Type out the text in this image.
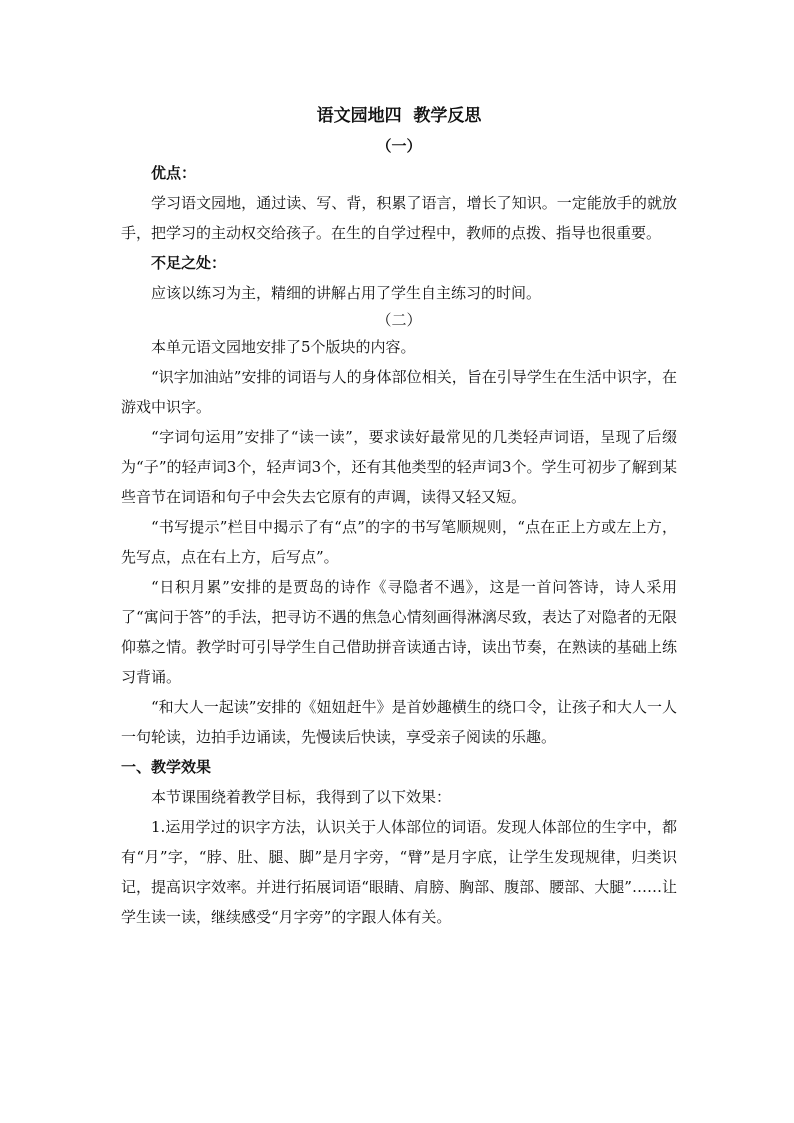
语文园地四  教学反思

（一）

优点：

学习语文园地，通过读、写、背，积累了语言，增长了知识。一定能放手的就放手，把学习的主动权交给孩子。在生的自学过程中，教师的点拨、指导也很重要。

不足之处：

应该以练习为主，精细的讲解占用了学生自主练习的时间。

（二）

本单元语文园地安排了5个版块的内容。

“识字加油站”安排的词语与人的身体部位相关，旨在引导学生在生活中识字，在游戏中识字。

“字词句运用”安排了“读一读”，要求读好最常见的几类轻声词语，呈现了后缀为“子”的轻声词3个，轻声词3个，还有其他类型的轻声词3个。学生可初步了解到某些音节在词语和句子中会失去它原有的声调，读得又轻又短。

“书写提示”栏目中揭示了有“点”的字的书写笔顺规则，“点在正上方或左上方，先写点，点在右上方，后写点”。

“日积月累”安排的是贾岛的诗作《寻隐者不遇》，这是一首问答诗，诗人采用了“寓问于答”的手法，把寻访不遇的焦急心情刻画得淋漓尽致，表达了对隐者的无限仰慕之情。教学时可引导学生自己借助拼音读通古诗，读出节奏，在熟读的基础上练习背诵。

“和大人一起读”安排的《妞妞赶牛》是首妙趣横生的绕口令，让孩子和大人一人一句轮读，边拍手边诵读，先慢读后快读，享受亲子阅读的乐趣。

一、教学效果

本节课围绕着教学目标，我得到了以下效果：

1.运用学过的识字方法，认识关于人体部位的词语。发现人体部位的生字中，都有“月”字，“脖、肚、腿、脚”是月字旁，“臂”是月字底，让学生发现规律，归类识记，提高识字效率。并进行拓展词语“眼睛、肩膀、胸部、腹部、腰部、大腿”……让学生读一读，继续感受“月字旁”的字跟人体有关。
